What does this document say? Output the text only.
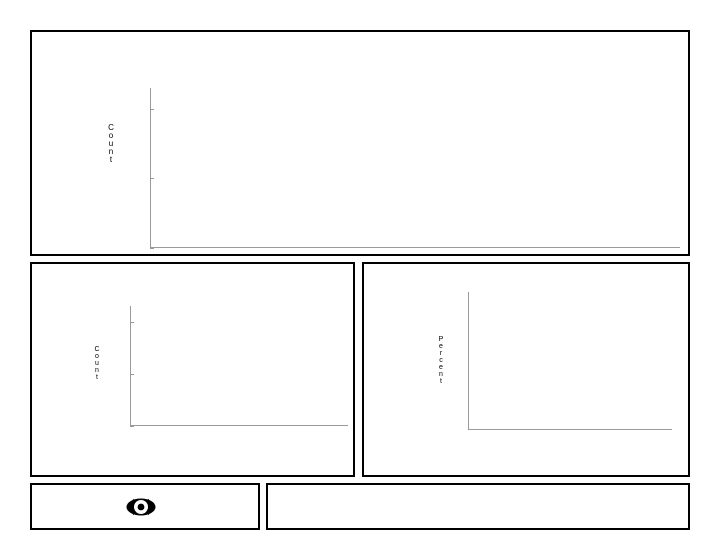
C
o
u
n
t
C
o
u
n
t
P
e
r
c
e
n
t
